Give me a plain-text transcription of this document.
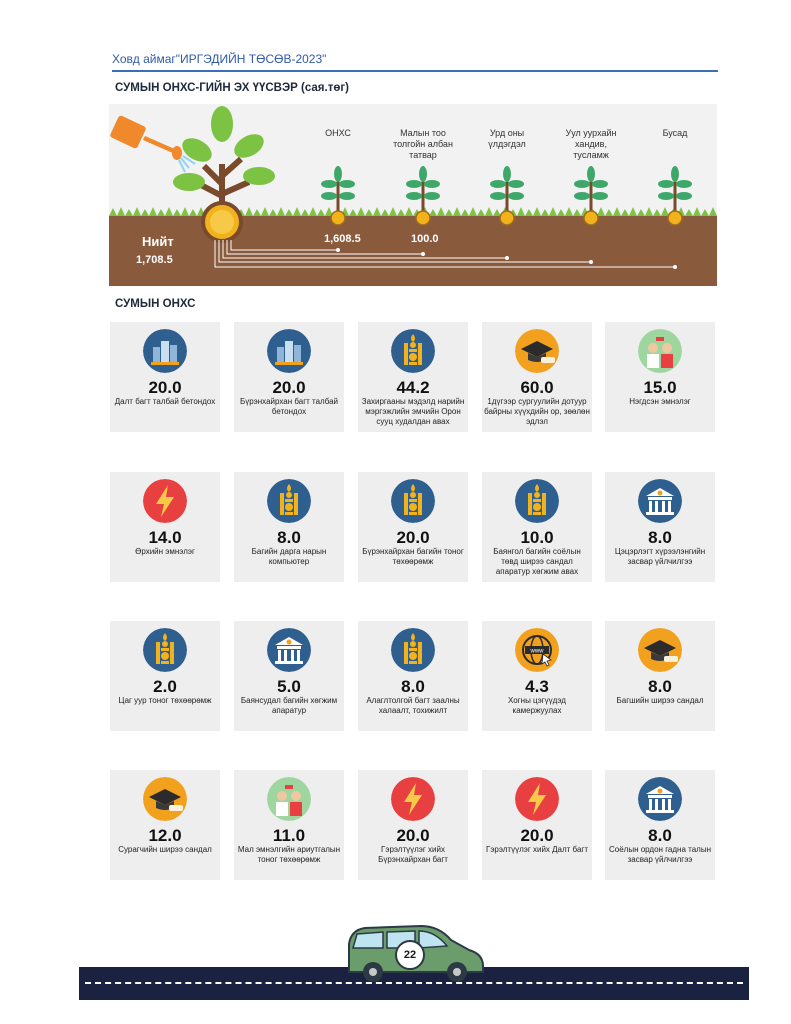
Ховд аймаг"ИРГЭДИЙН ТӨСӨВ-2023"
СУМЫН ОНХС-ГИЙН ЭХ ҮҮСВЭР (сая.төг)
ОНХС	Малын тоо толгойн албан татвар
Урд оны үлдэгдэл
Уул уурхайн хандив, тусламж
Бусад
1,608.5	100.0
Нийт
1,708.5
СУМЫН ОНХС
20.0
Далт багт талбай бетондох
20.0
Бүрэнхайрхан багт талбай бетондох
44.2
Захиргааны мэдэлд нарийн мэргэжлийн эмчийн Орон сууц худалдан авах
60.0
1дүгээр сургуулийн дотуур байрны хүүхдийн ор, зөөлөн эдлэл
15.0
Нэгдсэн эмнэлэг
14.0
Өрхийн эмнэлэг
8.0
Багийн дарга нарын компьютер
20.0
Бүрэнхайрхан багийн тоног төхөөрөмж
10.0
Баянгол багийн соёлын төвд ширээ сандал апаратур хөгжим авах
8.0
Цэцэрлэгт хүрээлэнгийн засвар үйлчилгээ
2.0
Цаг уур тоног төхөөрөмж
5.0
Баянсудал багийн хөгжим апаратур
8.0
Алаглтолгой багт заалны халаалт, тохижилт
www
4.3
Хогны цэгүүдэд камержуулах
8.0
Багшийн ширээ сандал
12.0
Сурагчийн ширээ сандал
11.0
Мал эмнэлгийн ариутгалын тоног төхөөрөмж
20.0
Гэрэлтүүлэг хийх Бүрэнхайрхан багт
20.0
Гэрэлтүүлэг хийх Далт багт
8.0
Соёлын ордон гадна талын засвар үйлчилгээ
22
